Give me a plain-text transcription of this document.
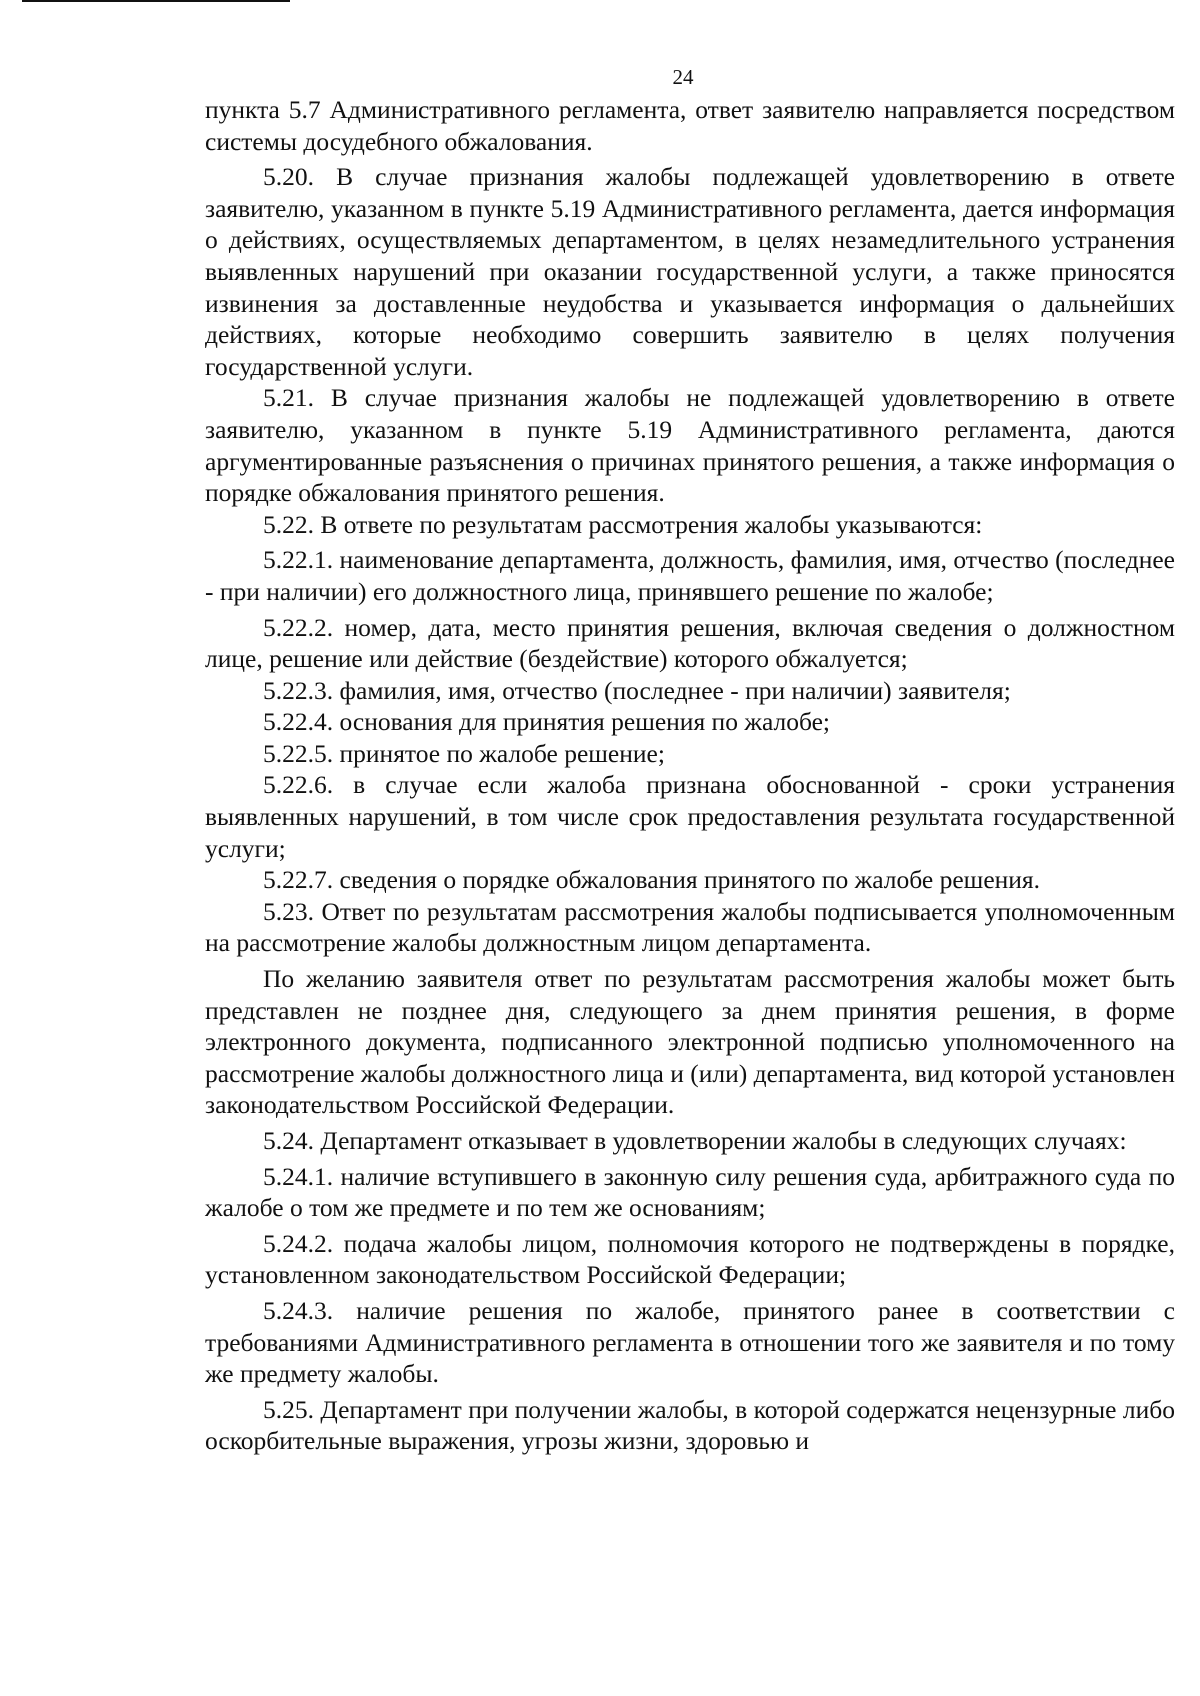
24

пункта 5.7 Административного регламента, ответ заявителю направляется посредством системы досудебного обжалования.

5.20. В случае признания жалобы подлежащей удовлетворению в ответе заявителю, указанном в пункте 5.19 Административного регламента, дается информация о действиях, осуществляемых департаментом, в целях незамедлительного устранения выявленных нарушений при оказании государственной услуги, а также приносятся извинения за доставленные неудобства и указывается информация о дальнейших действиях, которые необходимо совершить заявителю в целях получения государственной услуги.

5.21. В случае признания жалобы не подлежащей удовлетворению в ответе заявителю, указанном в пункте 5.19 Административного регламента, даются аргументированные разъяснения о причинах принятого решения, а также информация о порядке обжалования принятого решения.

5.22. В ответе по результатам рассмотрения жалобы указываются:

5.22.1. наименование департамента, должность, фамилия, имя, отчество (последнее - при наличии) его должностного лица, принявшего решение по жалобе;

5.22.2. номер, дата, место принятия решения, включая сведения о должностном лице, решение или действие (бездействие) которого обжалуется;

5.22.3. фамилия, имя, отчество (последнее - при наличии) заявителя;

5.22.4. основания для принятия решения по жалобе;

5.22.5. принятое по жалобе решение;

5.22.6. в случае если жалоба признана обоснованной - сроки устранения выявленных нарушений, в том числе срок предоставления результата государственной услуги;

5.22.7. сведения о порядке обжалования принятого по жалобе решения.

5.23. Ответ по результатам рассмотрения жалобы подписывается уполномоченным на рассмотрение жалобы должностным лицом департамента.

По желанию заявителя ответ по результатам рассмотрения жалобы может быть представлен не позднее дня, следующего за днем принятия решения, в форме электронного документа, подписанного электронной подписью уполномоченного на рассмотрение жалобы должностного лица и (или) департамента, вид которой установлен законодательством Российской Федерации.

5.24. Департамент отказывает в удовлетворении жалобы в следующих случаях:

5.24.1. наличие вступившего в законную силу решения суда, арбитражного суда по жалобе о том же предмете и по тем же основаниям;

5.24.2. подача жалобы лицом, полномочия которого не подтверждены в порядке, установленном законодательством Российской Федерации;

5.24.3. наличие решения по жалобе, принятого ранее в соответствии с требованиями Административного регламента в отношении того же заявителя и по тому же предмету жалобы.

5.25. Департамент при получении жалобы, в которой содержатся нецензурные либо оскорбительные выражения, угрозы жизни, здоровью и
